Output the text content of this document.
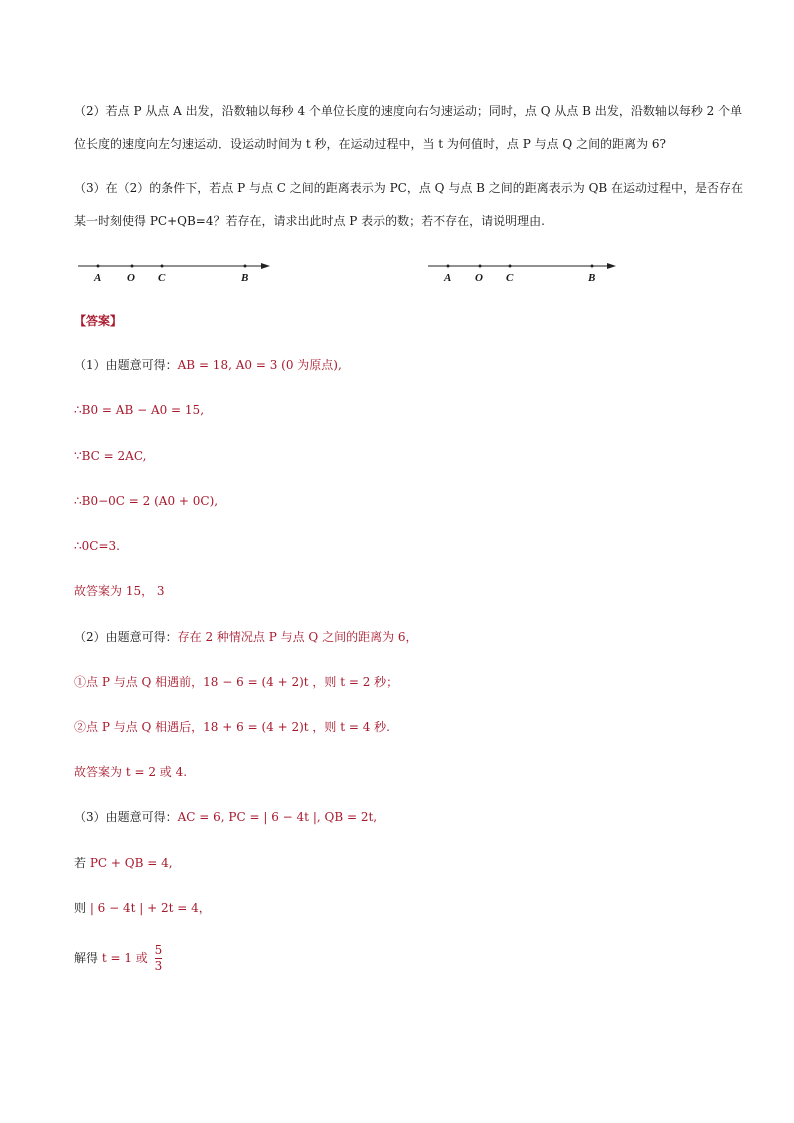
（2）若点 P 从点 A 出发，沿数轴以每秒 4 个单位长度的速度向右匀速运动；同时，点 Q 从点 B 出发，沿数轴以每秒 2 个单
位长度的速度向左匀速运动．设运动时间为 t 秒，在运动过程中，当 t 为何值时，点 P 与点 Q 之间的距离为 6?
（3）在（2）的条件下，若点 P 与点 C 之间的距离表示为 PC，点 Q 与点 B 之间的距离表示为 QB 在运动过程中，是否存在
某一时刻使得 PC+QB=4？若存在，请求出此时点 P 表示的数；若不存在，请说明理由.
A O C	B	A O C	B
【答案】
（1）由题意可得：AB = 18, A0 = 3 (0 为原点),
∴B0 = AB − A0 = 15,
∵BC = 2AC,
∴B0−0C = 2 (A0 + 0C),
∴0C=3.
故答案为 15， 3
（2）由题意可得：存在 2 种情况点 P 与点 Q 之间的距离为 6，
①点 P 与点 Q 相遇前，18 − 6 = (4 + 2)t ，则 t = 2 秒；
②点 P 与点 Q 相遇后，18 + 6 = (4 + 2)t ，则 t = 4 秒.
故答案为 t = 2 或 4.
（3）由题意可得：AC = 6, PC = | 6 − 4t |, QB = 2t,
若 PC + QB = 4,
则 | 6 − 4t | + 2t = 4，
解得 t = 1 或 $\frac{5}{3}$
